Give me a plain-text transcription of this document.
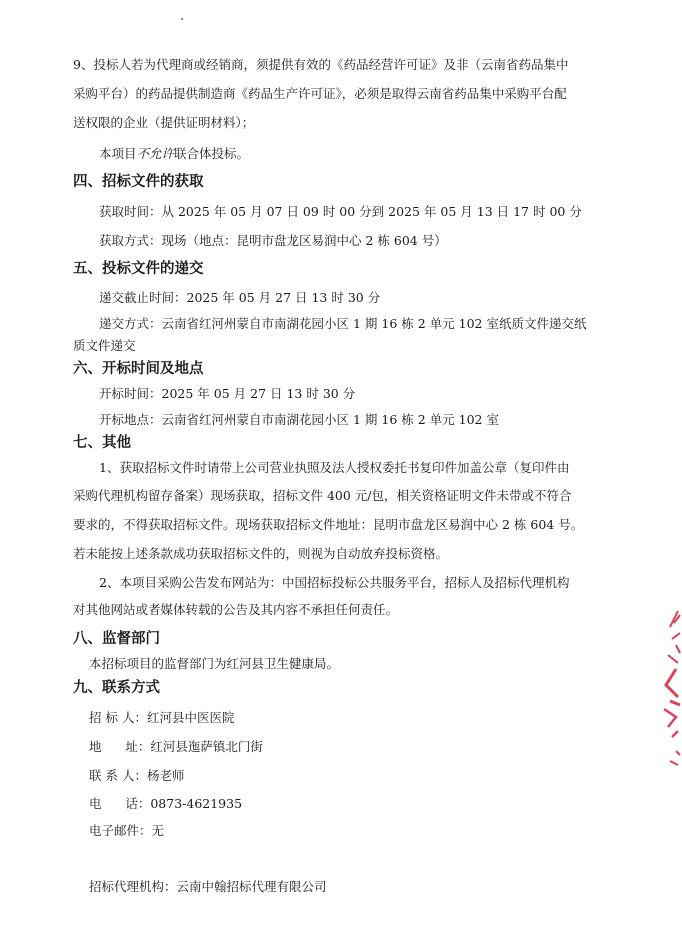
9、投标人若为代理商或经销商，须提供有效的《药品经营许可证》及非（云南省药品集中
采购平台）的药品提供制造商《药品生产许可证》，必须是取得云南省药品集中采购平台配
送权限的企业（提供证明材料）；
本项目不允许联合体投标。
四、招标文件的获取
获取时间：从 2025 年 05 月 07 日 09 时 00 分到 2025 年 05 月 13 日 17 时 00 分
获取方式：现场（地点：昆明市盘龙区易润中心 2 栋 604 号）
五、投标文件的递交
递交截止时间：2025 年 05 月 27 日 13 时 30 分
递交方式：云南省红河州蒙自市南湖花园小区 1 期 16 栋 2 单元 102 室纸质文件递交纸
质文件递交
六、开标时间及地点
开标时间：2025 年 05 月 27 日 13 时 30 分
开标地点：云南省红河州蒙自市南湖花园小区 1 期 16 栋 2 单元 102 室
七、其他
1、获取招标文件时请带上公司营业执照及法人授权委托书复印件加盖公章（复印件由
采购代理机构留存备案）现场获取，招标文件 400 元/包，相关资格证明文件未带或不符合
要求的，不得获取招标文件。现场获取招标文件地址：昆明市盘龙区易润中心 2 栋 604 号。
若未能按上述条款成功获取招标文件的，则视为自动放弃投标资格。
2、本项目采购公告发布网站为：中国招标投标公共服务平台，招标人及招标代理机构
对其他网站或者媒体转载的公告及其内容不承担任何责任。
八、监督部门
本招标项目的监督部门为红河县卫生健康局。
九、联系方式
招 标 人：红河县中医医院
地      址：红河县迤萨镇北门街
联 系 人：杨老师
电      话：0873-4621935
电子邮件：无
招标代理机构：云南中翰招标代理有限公司
